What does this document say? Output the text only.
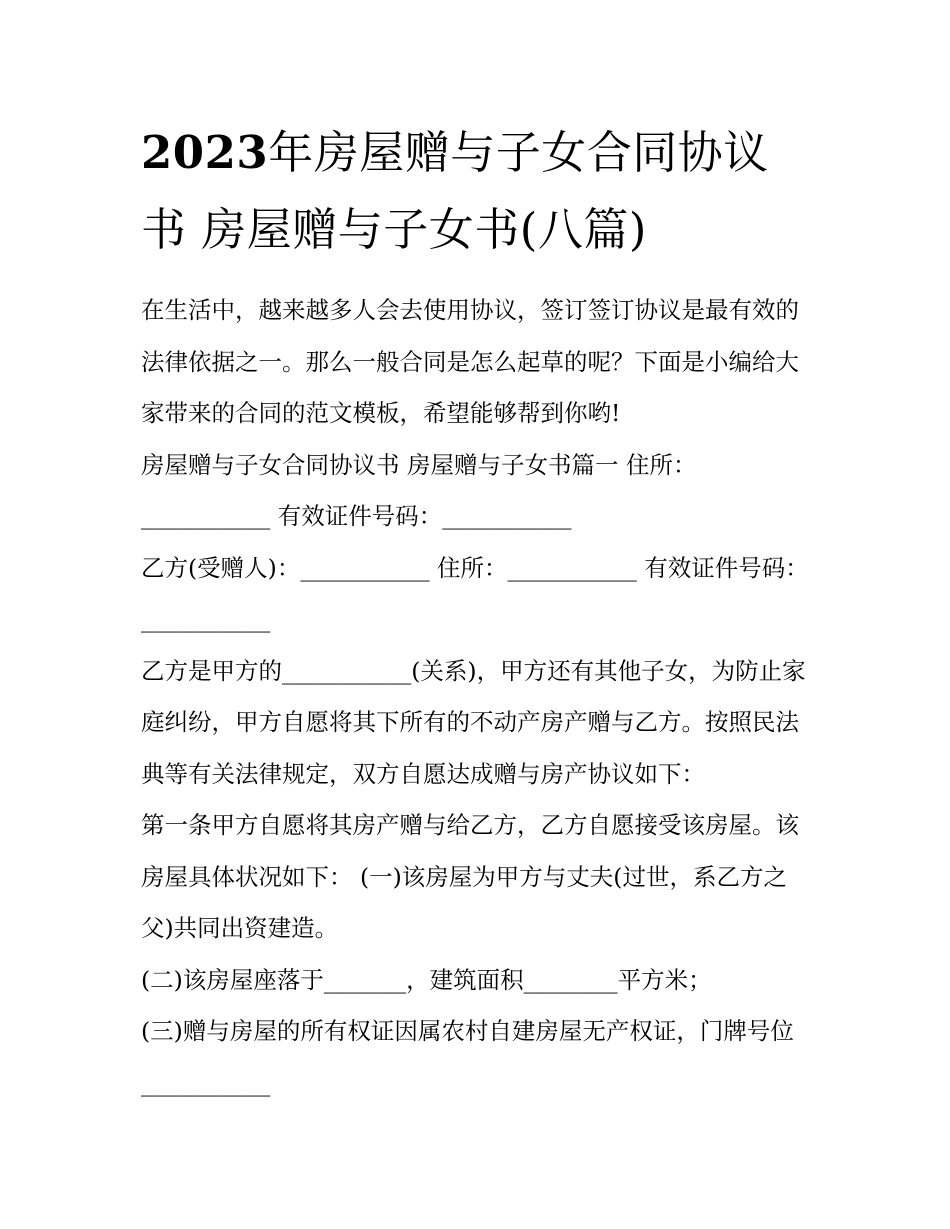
2023年房屋赠与子女合同协议
书 房屋赠与子女书(八篇)

在生活中，越来越多人会去使用协议，签订签订协议是最有效的法律依据之一。那么一般合同是怎么起草的呢？下面是小编给大家带来的合同的范文模板，希望能够帮到你哟!

房屋赠与子女合同协议书 房屋赠与子女书篇一 住所：___________ 有效证件号码：___________

乙方(受赠人)：___________ 住所：___________ 有效证件号码：___________

乙方是甲方的___________(关系)，甲方还有其他子女，为防止家庭纠纷，甲方自愿将其下所有的不动产房产赠与乙方。按照民法典等有关法律规定，双方自愿达成赠与房产协议如下：

第一条甲方自愿将其房产赠与给乙方，乙方自愿接受该房屋。该房屋具体状况如下： (一)该房屋为甲方与丈夫(过世，系乙方之父)共同出资建造。

(二)该房屋座落于_______，建筑面积________平方米；

(三)赠与房屋的所有权证因属农村自建房屋无产权证，门牌号位___________
